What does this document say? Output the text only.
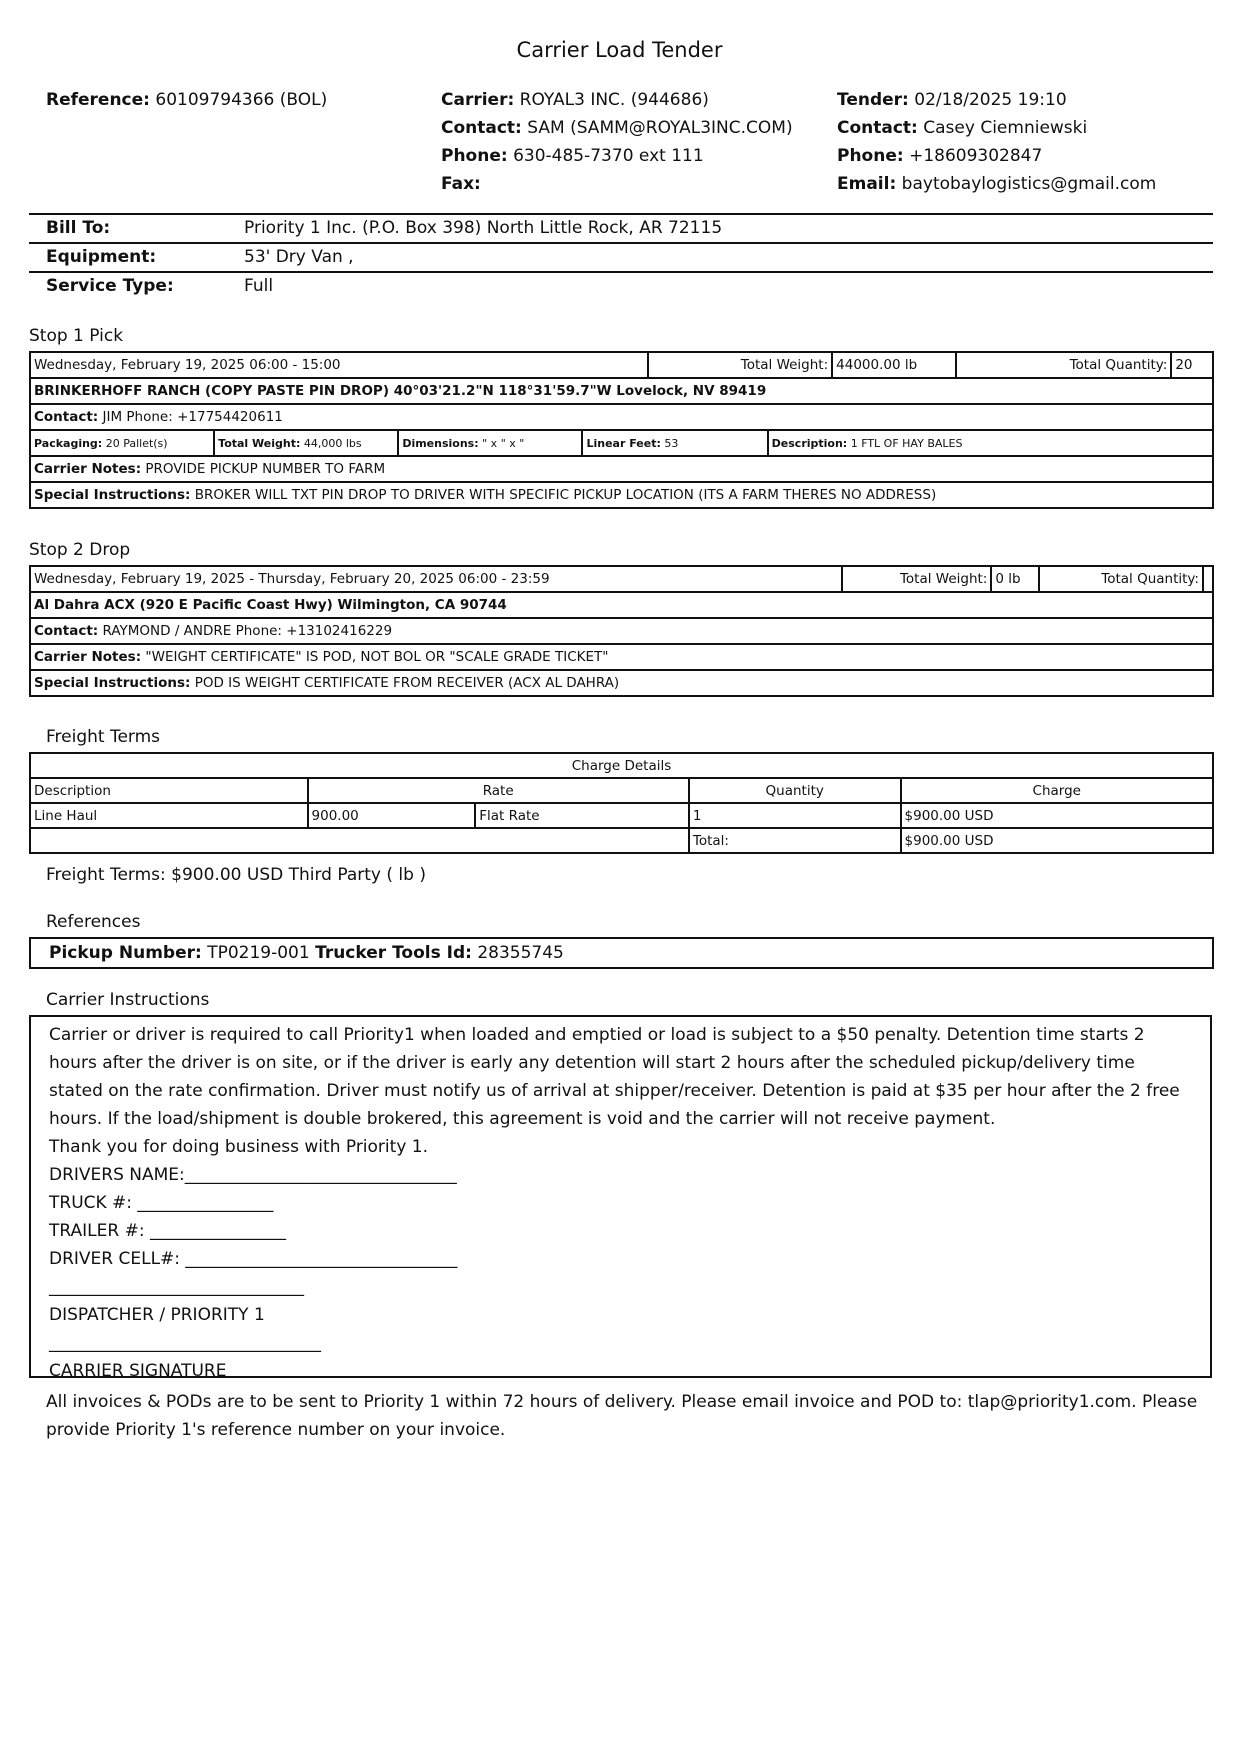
Carrier Load Tender
Reference: 60109794366 (BOL)	Carrier: ROYAL3 INC. (944686)
Contact: SAM (SAMM@ROYAL3INC.COM)
Phone: 630-485-7370 ext 111
Fax:
Tender: 02/18/2025 19:10
Contact: Casey Ciemniewski
Phone: +18609302847
Email: baytobaylogistics@gmail.com
Bill To:	Priority 1 Inc. (P.O. Box 398) North Little Rock, AR 72115
Equipment:	53' Dry Van ,
Service Type:	Full
Stop 1 Pick
Wednesday, February 19, 2025 06:00 - 15:00				Total Weight:		44000.00 lb	Total Quantity:	20
BRINKERHOFF RANCH (COPY PASTE PIN DROP) 40°03'21.2"N 118°31'59.7"W Lovelock, NV 89419								
Contact: JIM Phone: +17754420611								
Packaging: 20 Pallet(s)	Total Weight: 44,000 lbs	Dimensions: " x " x "	Linear Feet: 53		Description: 1 FTL OF HAY BALES			
Carrier Notes: PROVIDE PICKUP NUMBER TO FARM								
Special Instructions: BROKER WILL TXT PIN DROP TO DRIVER WITH SPECIFIC PICKUP LOCATION (ITS A FARM THERES NO ADDRESS)								
Stop 2 Drop
Wednesday, February 19, 2025 - Thursday, February 20, 2025 06:00 - 23:59	Total Weight:	0 lb	Total Quantity:	
Al Dahra ACX (920 E Pacific Coast Hwy) Wilmington, CA 90744
Contact: RAYMOND / ANDRE Phone: +13102416229
Carrier Notes: "WEIGHT CERTIFICATE" IS POD, NOT BOL OR "SCALE GRADE TICKET"
Special Instructions: POD IS WEIGHT CERTIFICATE FROM RECEIVER (ACX AL DAHRA)
Freight Terms
Charge Details				
Description	Rate		Quantity	Charge
Line Haul	900.00	Flat Rate	1	$900.00 USD
			Total:	$900.00 USD
Freight Terms: $900.00 USD Third Party ( lb )
References
Pickup Number: TP0219-001 Trucker Tools Id: 28355745
Carrier Instructions

Carrier or driver is required to call Priority1 when loaded and emptied or load is subject to a $50 penalty. Detention time starts 2 hours after the driver is on site, or if the driver is early any detention will start 2 hours after the scheduled pickup/delivery time stated on the rate confirmation. Driver must notify us of arrival at shipper/receiver. Detention is paid at $35 per hour after the 2 free hours. If the load/shipment is double brokered, this agreement is void and the carrier will not receive payment.

Thank you for doing business with Priority 1.

DRIVERS NAME:________________________________

TRUCK #: ________________

TRAILER #: ________________

DRIVER CELL#: ________________________________

______________________________

DISPATCHER / PRIORITY 1

________________________________

CARRIER SIGNATURE

All invoices & PODs are to be sent to Priority 1 within 72 hours of delivery. Please email invoice and POD to: tlap@priority1.com. Please provide Priority 1's reference number on your invoice.
